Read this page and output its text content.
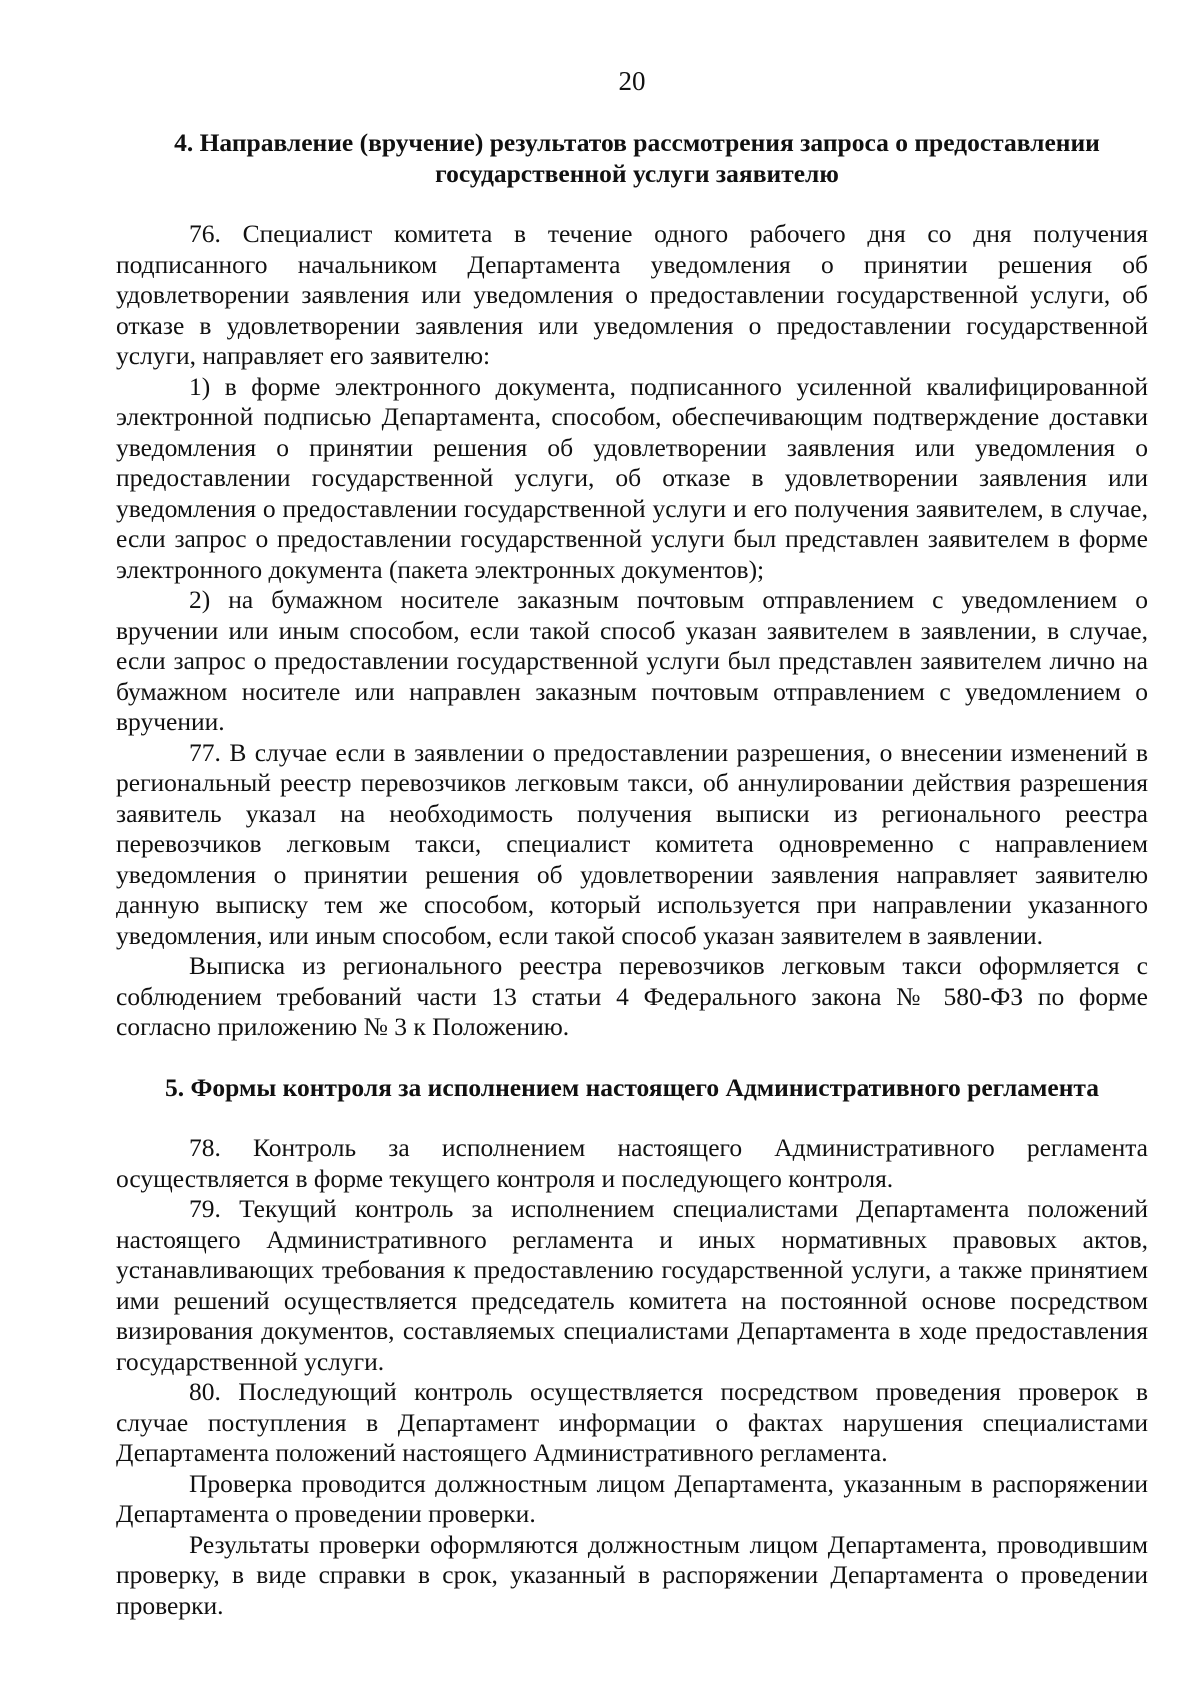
20
4. Направление (вручение) результатов рассмотрения запроса о предоставлении государственной услуги заявителю

76. Специалист комитета в течение одного рабочего дня со дня получения подписанного начальником Департамента уведомления о принятии решения об удовлетворении заявления или уведомления о предоставлении государственной услуги, об отказе в удовлетворении заявления или уведомления о предоставлении государственной услуги, направляет его заявителю:

1) в форме электронного документа, подписанного усиленной квалифицированной электронной подписью Департамента, способом, обеспечивающим подтверждение доставки уведомления о принятии решения об удовлетворении заявления или уведомления о предоставлении государственной услуги, об отказе в удовлетворении заявления или уведомления о предоставлении государственной услуги и его получения заявителем, в случае, если запрос о предоставлении государственной услуги был представлен заявителем в форме электронного документа (пакета электронных документов);

2) на бумажном носителе заказным почтовым отправлением с уведомлением о вручении или иным способом, если такой способ указан заявителем в заявлении, в случае, если запрос о предоставлении государственной услуги был представлен заявителем лично на бумажном носителе или направлен заказным почтовым отправлением с уведомлением о вручении.

77. В случае если в заявлении о предоставлении разрешения, о внесении изменений в региональный реестр перевозчиков легковым такси, об аннулировании действия разрешения заявитель указал на необходимость получения выписки из регионального реестра перевозчиков легковым такси, специалист комитета одновременно с направлением уведомления о принятии решения об удовлетворении заявления направляет заявителю данную выписку тем же способом, который используется при направлении указанного уведомления, или иным способом, если такой способ указан заявителем в заявлении.

Выписка из регионального реестра перевозчиков легковым такси оформляется с соблюдением требований части 13 статьи 4 Федерального закона № 580-ФЗ по форме согласно приложению № 3 к Положению.

5. Формы контроля за исполнением настоящего Административного регламента

78. Контроль за исполнением настоящего Административного регламента осуществляется в форме текущего контроля и последующего контроля.

79. Текущий контроль за исполнением специалистами Департамента положений настоящего Административного регламента и иных нормативных правовых актов, устанавливающих требования к предоставлению государственной услуги, а также принятием ими решений осуществляется председатель комитета на постоянной основе посредством визирования документов, составляемых специалистами Департамента в ходе предоставления государственной услуги.

80. Последующий контроль осуществляется посредством проведения проверок в случае поступления в Департамент информации о фактах нарушения специалистами Департамента положений настоящего Административного регламента.

Проверка проводится должностным лицом Департамента, указанным в распоряжении Департамента о проведении проверки.

Результаты проверки оформляются должностным лицом Департамента, проводившим проверку, в виде справки в срок, указанный в распоряжении Департамента о проведении проверки.
